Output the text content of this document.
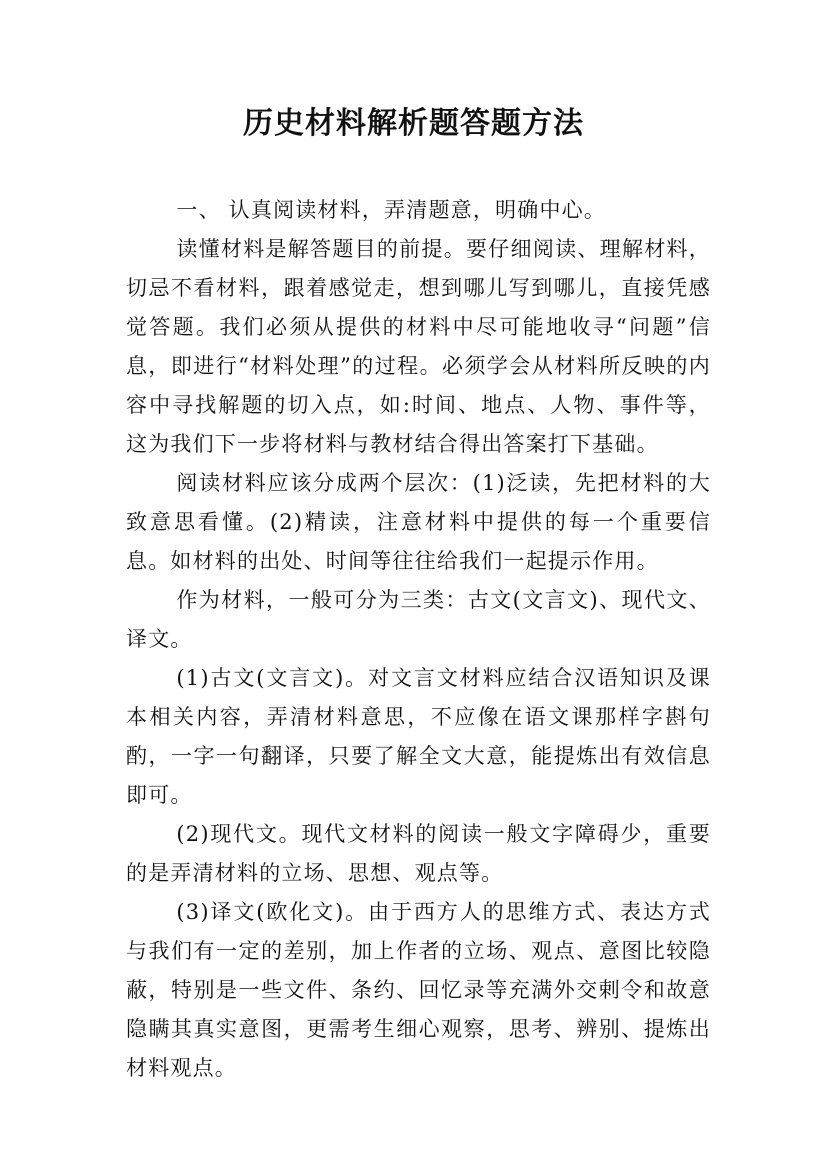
历史材料解析题答题方法

一、 认真阅读材料，弄清题意，明确中心。

读懂材料是解答题目的前提。要仔细阅读、理解材料，切忌不看材料，跟着感觉走，想到哪儿写到哪儿，直接凭感觉答题。我们必须从提供的材料中尽可能地收寻“问题”信息，即进行“材料处理”的过程。必须学会从材料所反映的内容中寻找解题的切入点，如:时间、地点、人物、事件等，这为我们下一步将材料与教材结合得出答案打下基础。

阅读材料应该分成两个层次：(1)泛读，先把材料的大致意思看懂。(2)精读，注意材料中提供的每一个重要信息。如材料的出处、时间等往往给我们一起提示作用。

作为材料，一般可分为三类：古文(文言文)、现代文、译文。

(1)古文(文言文)。对文言文材料应结合汉语知识及课本相关内容，弄清材料意思，不应像在语文课那样字斟句酌，一字一句翻译，只要了解全文大意，能提炼出有效信息即可。

(2)现代文。现代文材料的阅读一般文字障碍少，重要的是弄清材料的立场、思想、观点等。

(3)译文(欧化文)。由于西方人的思维方式、表达方式与我们有一定的差别，加上作者的立场、观点、意图比较隐蔽，特别是一些文件、条约、回忆录等充满外交剌令和故意隐瞒其真实意图，更需考生细心观察，思考、辨别、提炼出材料观点。
